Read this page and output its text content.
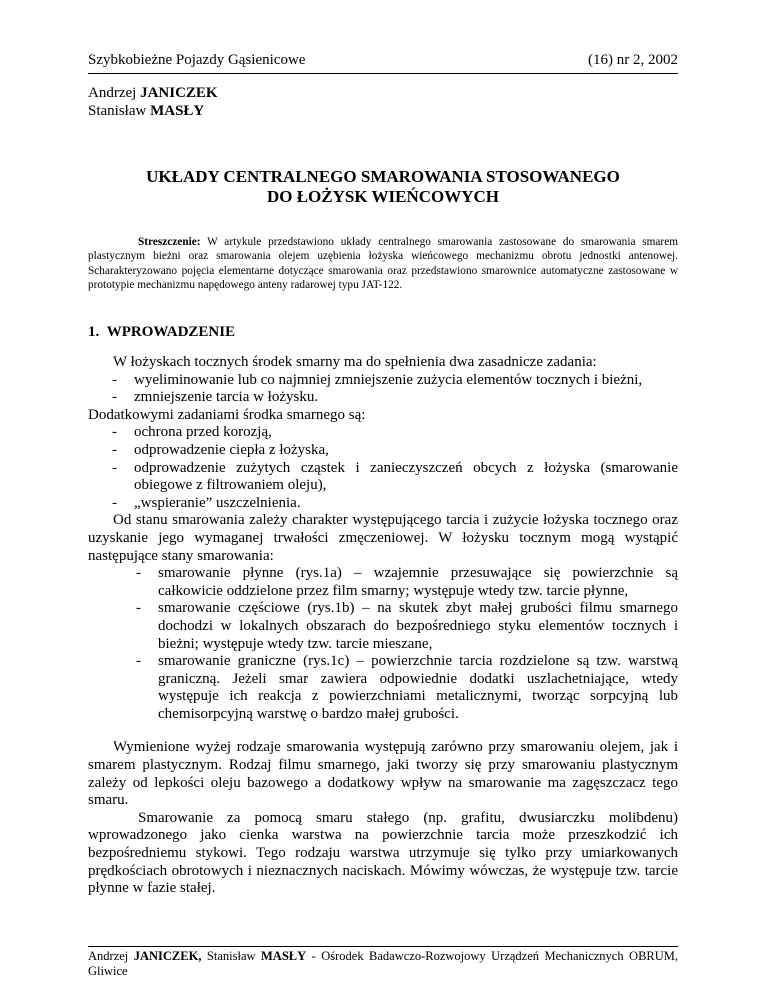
Szybkobieżne Pojazdy Gąsienicowe	(16) nr 2, 2002
Andrzej JANICZEK
Stanisław MASŁY
UKŁADY CENTRALNEGO SMAROWANIA STOSOWANEGO
DO ŁOŻYSK WIEŃCOWYCH
Streszczenie: W artykule przedstawiono układy centralnego smarowania zastosowane do smarowania smarem plastycznym bieżni oraz smarowania olejem uzębienia łożyska wieńcowego mechanizmu obrotu jednostki antenowej. Scharakteryzowano pojęcia elementarne dotyczące smarowania oraz przedstawiono smarownice automatyczne zastosowane w prototypie mechanizmu napędowego anteny radarowej typu JAT-122.
1. WPROWADZENIE

W łożyskach tocznych środek smarny ma do spełnienia dwa zasadnicze zadania:

- wyeliminowanie lub co najmniej zmniejszenie zużycia elementów tocznych i bieżni,
- zmniejszenie tarcia w łożysku.

Dodatkowymi zadaniami środka smarnego są:

- ochrona przed korozją,
- odprowadzenie ciepła z łożyska,
- odprowadzenie zużytych cząstek i zanieczyszczeń obcych z łożyska (smarowanie obiegowe z filtrowaniem oleju),
- „wspieranie” uszczelnienia.

Od stanu smarowania zależy charakter występującego tarcia i zużycie łożyska tocznego oraz uzyskanie jego wymaganej trwałości zmęczeniowej. W łożysku tocznym mogą wystąpić następujące stany smarowania:

- smarowanie płynne (rys.1a) – wzajemnie przesuwające się powierzchnie są całkowicie oddzielone przez film smarny; występuje wtedy tzw. tarcie płynne,
- smarowanie częściowe (rys.1b) – na skutek zbyt małej grubości filmu smarnego dochodzi w lokalnych obszarach do bezpośredniego styku elementów tocznych i bieżni; występuje wtedy tzw. tarcie mieszane,
- smarowanie graniczne (rys.1c) – powierzchnie tarcia rozdzielone są tzw. warstwą graniczną. Jeżeli smar zawiera odpowiednie dodatki uszlachetniające, wtedy występuje ich reakcja z powierzchniami metalicznymi, tworząc sorpcyjną lub chemisorpcyjną warstwę o bardzo małej grubości.

Wymienione wyżej rodzaje smarowania występują zarówno przy smarowaniu olejem, jak i smarem plastycznym. Rodzaj filmu smarnego, jaki tworzy się przy smarowaniu plastycznym zależy od lepkości oleju bazowego a dodatkowy wpływ na smarowanie ma zagęszczacz tego smaru.

Smarowanie za pomocą smaru stałego (np. grafitu, dwusiarczku molibdenu) wprowadzonego jako cienka warstwa na powierzchnie tarcia może przeszkodzić ich bezpośredniemu stykowi. Tego rodzaju warstwa utrzymuje się tylko przy umiarkowanych prędkościach obrotowych i nieznacznych naciskach. Mówimy wówczas, że występuje tzw. tarcie płynne w fazie stałej.

Andrzej JANICZEK, Stanisław MASŁY - Ośrodek Badawczo-Rozwojowy Urządzeń Mechanicznych OBRUM, Gliwice
